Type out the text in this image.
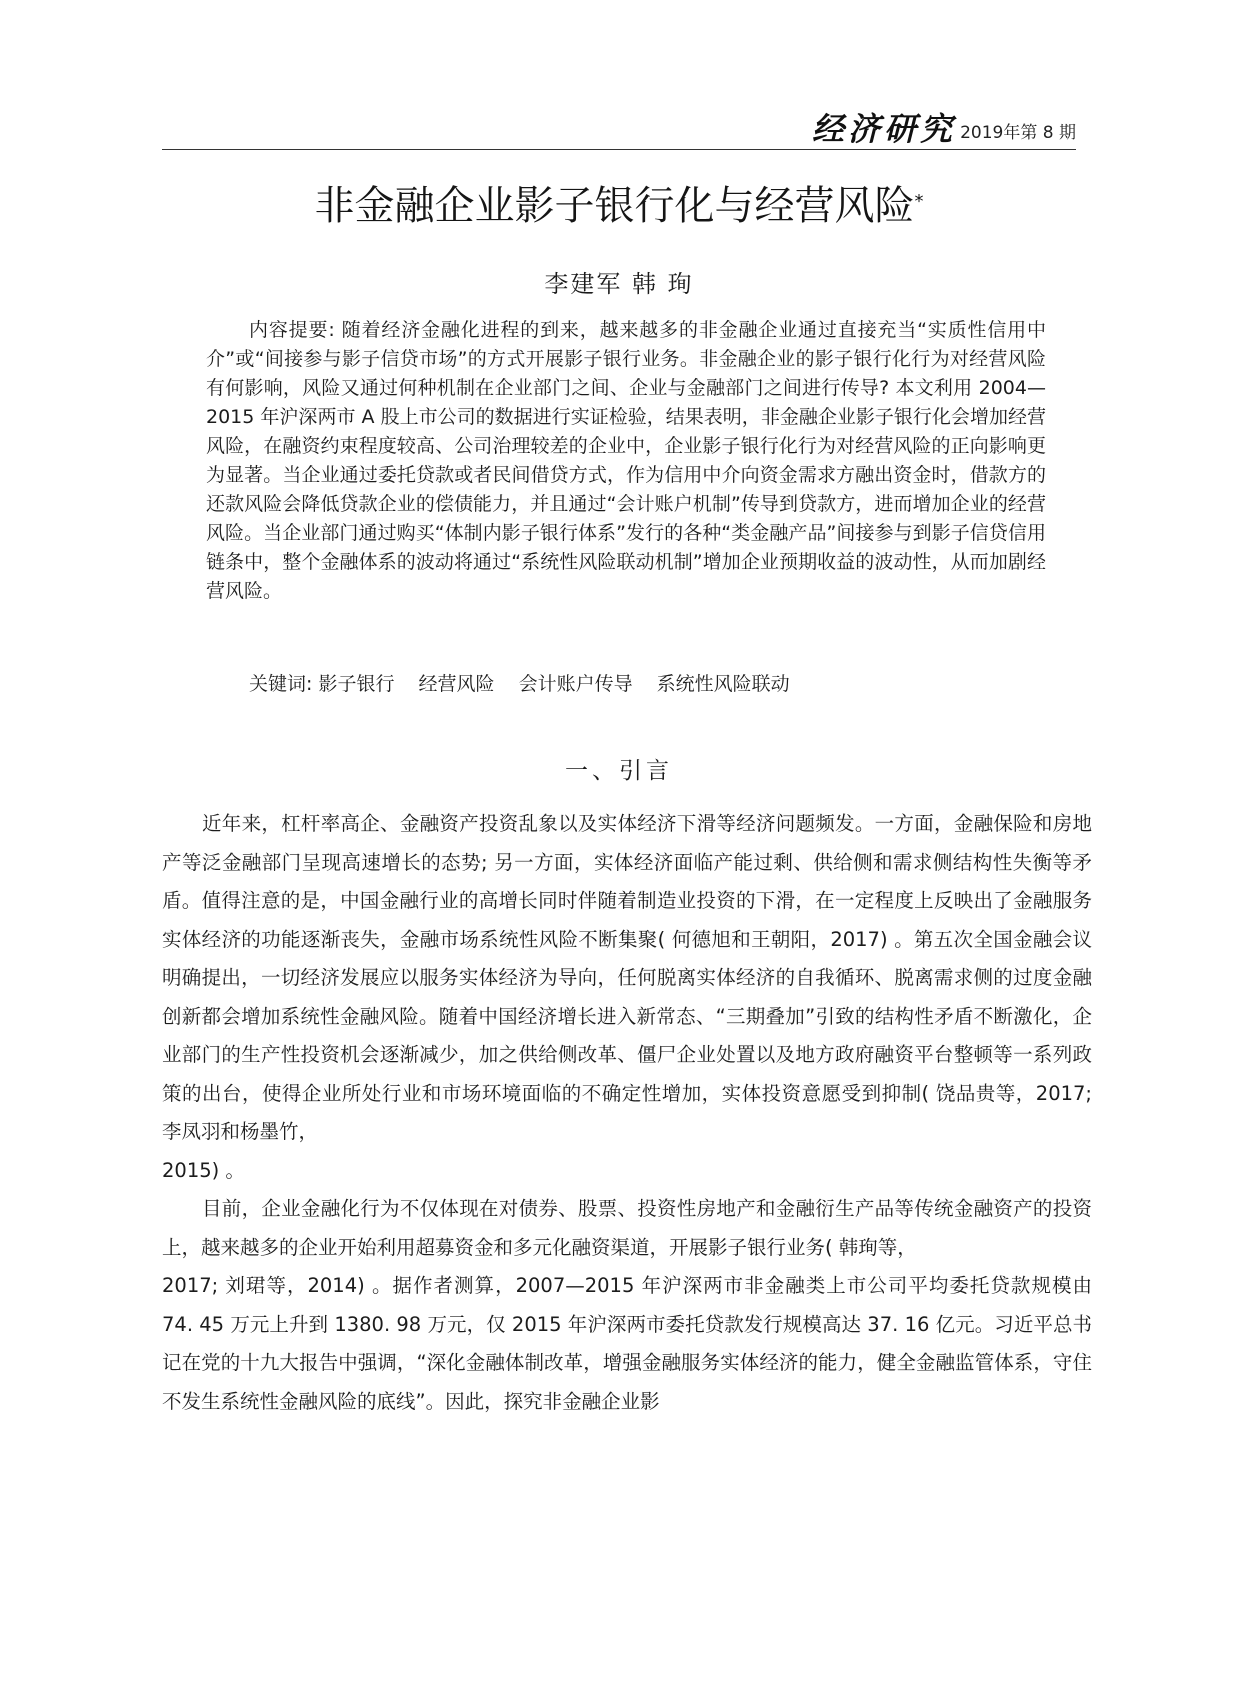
经济研究 2019年第 8 期
非金融企业影子银行化与经营风险*
李建军 韩 珣

内容提要: 随着经济金融化进程的到来，越来越多的非金融企业通过直接充当“实质性信用中介”或“间接参与影子信贷市场”的方式开展影子银行业务。非金融企业的影子银行化行为对经营风险有何影响，风险又通过何种机制在企业部门之间、企业与金融部门之间进行传导? 本文利用 2004—2015 年沪深两市 A 股上市公司的数据进行实证检验，结果表明，非金融企业影子银行化会增加经营风险，在融资约束程度较高、公司治理较差的企业中，企业影子银行化行为对经营风险的正向影响更为显著。当企业通过委托贷款或者民间借贷方式，作为信用中介向资金需求方融出资金时，借款方的还款风险会降低贷款企业的偿债能力，并且通过“会计账户机制”传导到贷款方，进而增加企业的经营风险。当企业部门通过购买“体制内影子银行体系”发行的各种“类金融产品”间接参与到影子信贷信用链条中，整个金融体系的波动将通过“系统性风险联动机制”增加企业预期收益的波动性，从而加剧经营风险。

关键词: 影子银行 经营风险 会计账户传导 系统性风险联动
一、引言

近年来，杠杆率高企、金融资产投资乱象以及实体经济下滑等经济问题频发。一方面，金融保险和房地产等泛金融部门呈现高速增长的态势; 另一方面，实体经济面临产能过剩、供给侧和需求侧结构性失衡等矛盾。值得注意的是，中国金融行业的高增长同时伴随着制造业投资的下滑，在一定程度上反映出了金融服务实体经济的功能逐渐丧失，金融市场系统性风险不断集聚( 何德旭和王朝阳，2017) 。第五次全国金融会议明确提出，一切经济发展应以服务实体经济为导向，任何脱离实体经济的自我循环、脱离需求侧的过度金融创新都会增加系统性金融风险。随着中国经济增长进入新常态、“三期叠加”引致的结构性矛盾不断激化，企业部门的生产性投资机会逐渐减少，加之供给侧改革、僵尸企业处置以及地方政府融资平台整顿等一系列政策的出台，使得企业所处行业和市场环境面临的不确定性增加，实体投资意愿受到抑制( 饶品贵等，2017; 李凤羽和杨墨竹，

2015) 。

目前，企业金融化行为不仅体现在对债券、股票、投资性房地产和金融衍生产品等传统金融资产的投资上，越来越多的企业开始利用超募资金和多元化融资渠道，开展影子银行业务( 韩珣等，

2017; 刘珺等，2014) 。据作者测算，2007—2015 年沪深两市非金融类上市公司平均委托贷款规模由 74. 45 万元上升到 1380. 98 万元，仅 2015 年沪深两市委托贷款发行规模高达 37. 16 亿元。习近平总书记在党的十九大报告中强调，“深化金融体制改革，增强金融服务实体经济的能力，健全金融监管体系，守住不发生系统性金融风险的底线”。因此，探究非金融企业影
